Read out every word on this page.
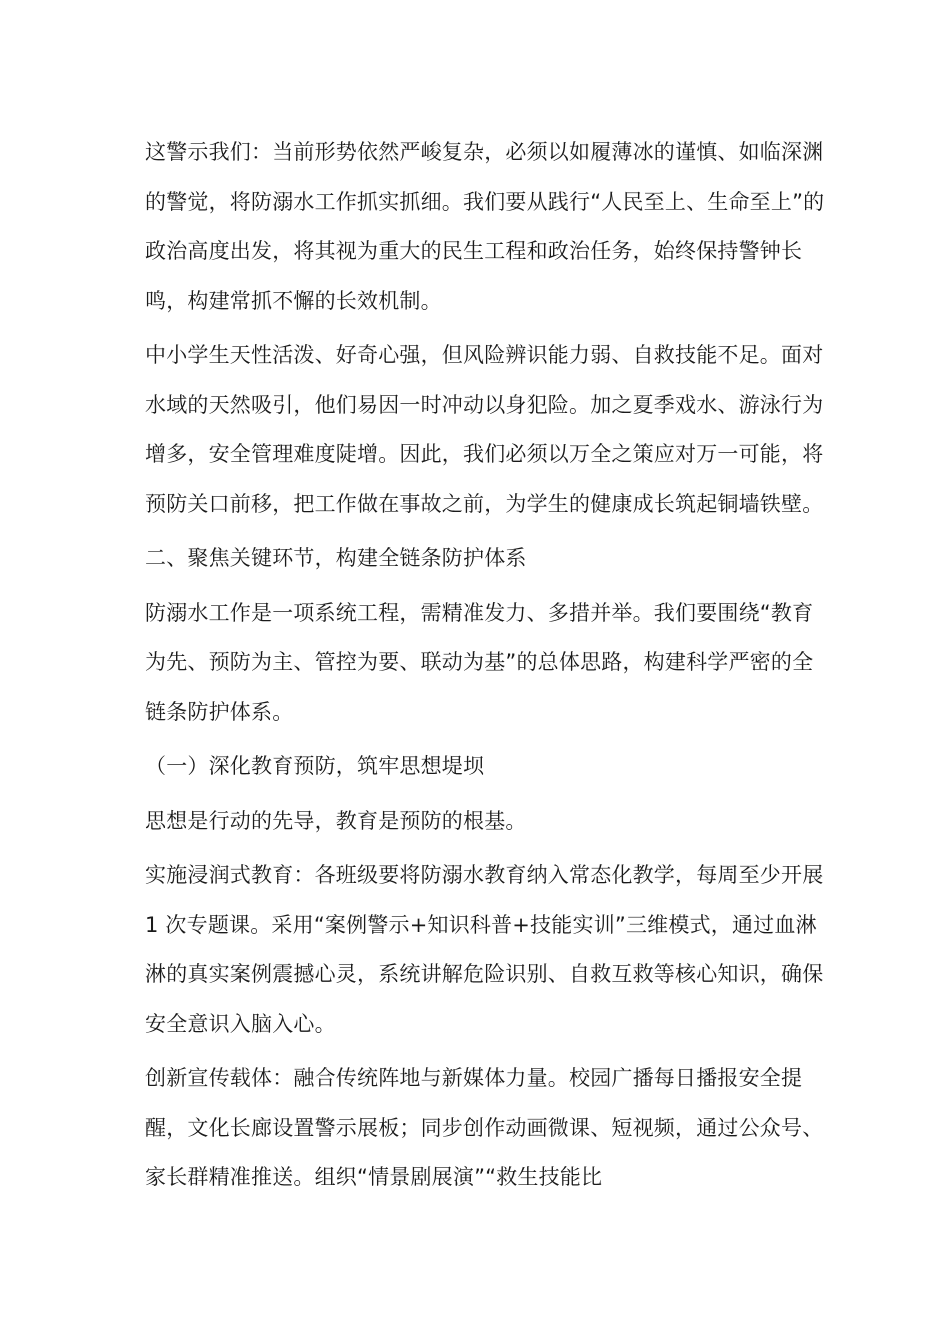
这警示我们：当前形势依然严峻复杂，必须以如履薄冰的谨慎、如临深渊的警觉，将防溺水工作抓实抓细。我们要从践行“人民至上、生命至上”的政治高度出发，将其视为重大的民生工程和政治任务，始终保持警钟长鸣，构建常抓不懈的长效机制。

中小学生天性活泼、好奇心强，但风险辨识能力弱、自救技能不足。面对水域的天然吸引，他们易因一时冲动以身犯险。加之夏季戏水、游泳行为增多，安全管理难度陡增。因此，我们必须以万全之策应对万一可能，将预防关口前移，把工作做在事故之前，为学生的健康成长筑起铜墙铁壁。

二、聚焦关键环节，构建全链条防护体系

防溺水工作是一项系统工程，需精准发力、多措并举。我们要围绕“教育为先、预防为主、管控为要、联动为基”的总体思路，构建科学严密的全链条防护体系。

（一）深化教育预防，筑牢思想堤坝

思想是行动的先导，教育是预防的根基。

实施浸润式教育：各班级要将防溺水教育纳入常态化教学，每周至少开展 1 次专题课。采用“案例警示+知识科普+技能实训”三维模式，通过血淋淋的真实案例震撼心灵，系统讲解危险识别、自救互救等核心知识，确保安全意识入脑入心。

创新宣传载体：融合传统阵地与新媒体力量。校园广播每日播报安全提醒，文化长廊设置警示展板；同步创作动画微课、短视频，通过公众号、家长群精准推送。组织“情景剧展演”“救生技能比
